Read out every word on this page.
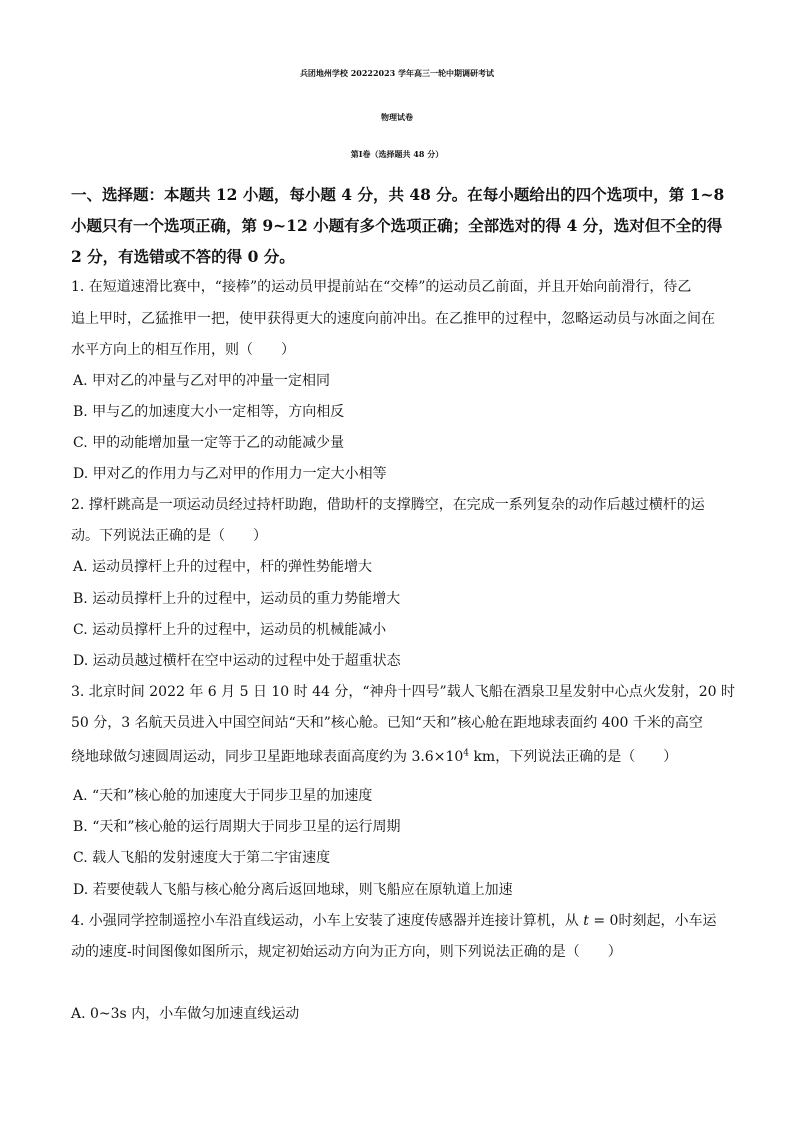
兵团地州学校 20222023 学年高三一轮中期调研考试
物理试卷
第Ⅰ卷（选择题共 48 分）
一、选择题：本题共 12 小题，每小题 4 分，共 48 分。在每小题给出的四个选项中，第 1~8
小题只有一个选项正确，第 9~12 小题有多个选项正确；全部选对的得 4 分，选对但不全的得
2 分，有选错或不答的得 0 分。
1. 在短道速滑比赛中，“接棒”的运动员甲提前站在“交棒”的运动员乙前面，并且开始向前滑行，待乙
追上甲时，乙猛推甲一把，使甲获得更大的速度向前冲出。在乙推甲的过程中，忽略运动员与冰面之间在
水平方向上的相互作用，则（　　）
A. 甲对乙的冲量与乙对甲的冲量一定相同
B. 甲与乙的加速度大小一定相等，方向相反
C. 甲的动能增加量一定等于乙的动能减少量
D. 甲对乙的作用力与乙对甲的作用力一定大小相等
2. 撑杆跳高是一项运动员经过持杆助跑，借助杆的支撑腾空，在完成一系列复杂的动作后越过横杆的运
动。下列说法正确的是（　　）
A. 运动员撑杆上升的过程中，杆的弹性势能增大
B. 运动员撑杆上升的过程中，运动员的重力势能增大
C. 运动员撑杆上升的过程中，运动员的机械能减小
D. 运动员越过横杆在空中运动的过程中处于超重状态
3. 北京时间 2022 年 6 月 5 日 10 时 44 分，“神舟十四号”载人飞船在酒泉卫星发射中心点火发射，20 时
50 分，3 名航天员进入中国空间站“天和”核心舱。已知“天和”核心舱在距地球表面约 400 千米的高空
绕地球做匀速圆周运动，同步卫星距地球表面高度约为 $3.6\times 10^4$ km，下列说法正确的是（　　）
A. “天和”核心舱的加速度大于同步卫星的加速度
B. “天和”核心舱的运行周期大于同步卫星的运行周期
C. 载人飞船的发射速度大于第二宇宙速度
D. 若要使载人飞船与核心舱分离后返回地球，则飞船应在原轨道上加速
4. 小强同学控制遥控小车沿直线运动，小车上安装了速度传感器并连接计算机，从 t = 0时刻起，小车运
动的速度-时间图像如图所示，规定初始运动方向为正方向，则下列说法正确的是（　　）
A. 0~3s 内，小车做匀加速直线运动
